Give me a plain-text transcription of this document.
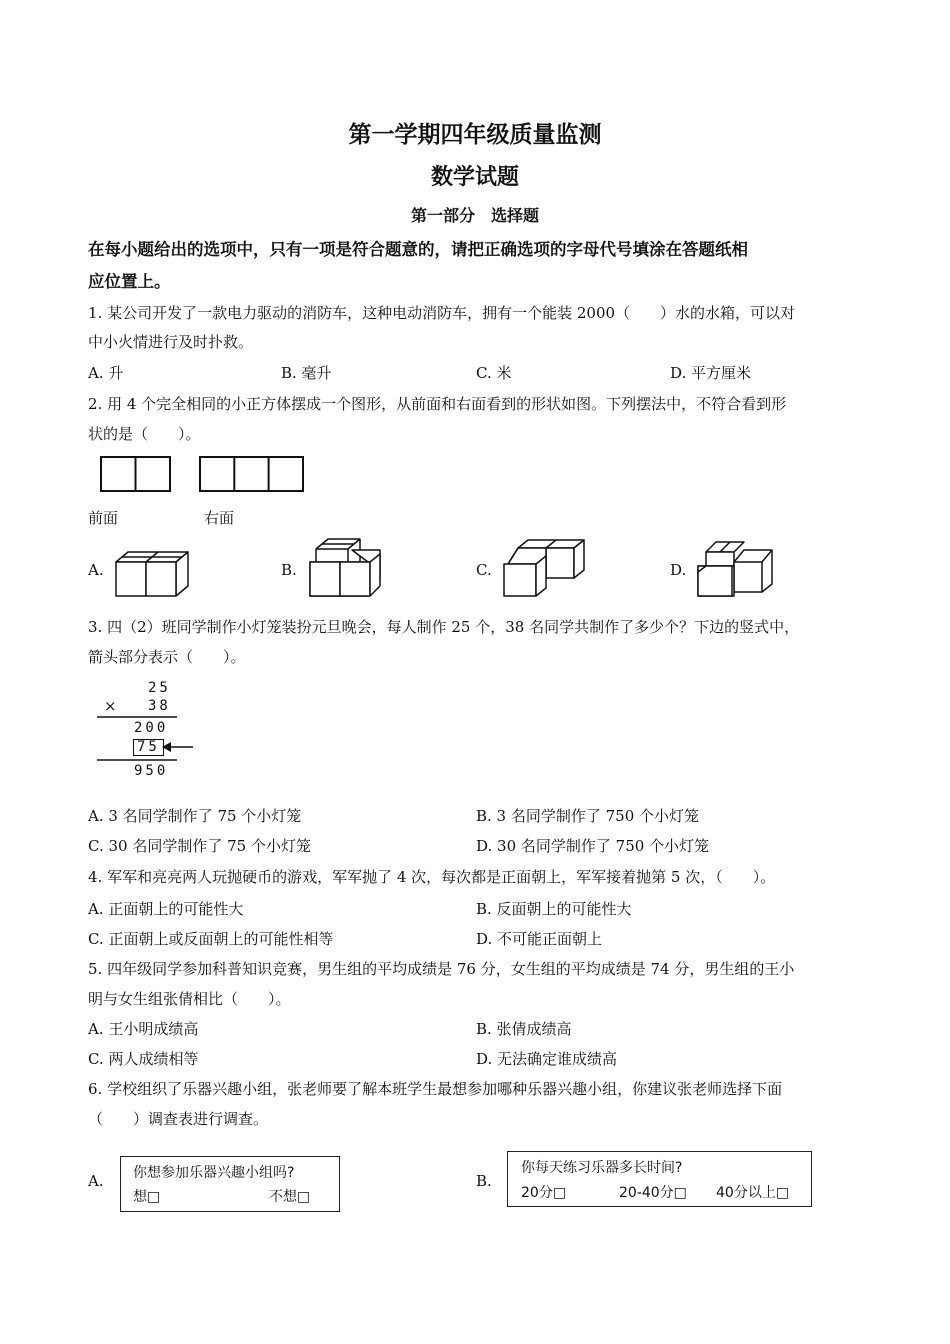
第一学期四年级质量监测
数学试题
第一部分　选择题
在每小题给出的选项中，只有一项是符合题意的，请把正确选项的字母代号填涂在答题纸相
应位置上。
1. 某公司开发了一款电力驱动的消防车，这种电动消防车，拥有一个能装 2000（　　）水的水箱，可以对
中小火情进行及时扑救。
A. 升	B. 毫升	C. 米	D. 平方厘米
2. 用 4 个完全相同的小正方体摆成一个图形，从前面和右面看到的形状如图。下列摆法中，不符合看到形
状的是（　　）。
前面	右面
A.	B.	C.	D.
3. 四（2）班同学制作小灯笼装扮元旦晚会，每人制作 25 个，38 名同学共制作了多少个？下边的竖式中，
箭头部分表示（　　）。
25
× 38
200
75
950
A. 3 名同学制作了 75 个小灯笼	B. 3 名同学制作了 750 个小灯笼
C. 30 名同学制作了 75 个小灯笼	D. 30 名同学制作了 750 个小灯笼
4. 军军和亮亮两人玩抛硬币的游戏，军军抛了 4 次，每次都是正面朝上，军军接着抛第 5 次，（　　）。
A. 正面朝上的可能性大	B. 反面朝上的可能性大
C. 正面朝上或反面朝上的可能性相等	D. 不可能正面朝上
5. 四年级同学参加科普知识竞赛，男生组的平均成绩是 76 分，女生组的平均成绩是 74 分，男生组的王小
明与女生组张倩相比（　　）。
A. 王小明成绩高	B. 张倩成绩高
C. 两人成绩相等	D. 无法确定谁成绩高
6. 学校组织了乐器兴趣小组，张老师要了解本班学生最想参加哪种乐器兴趣小组，你建议张老师选择下面
（　　）调查表进行调查。
A. 你想参加乐器兴趣小组吗?
想□	不想□
B.
你每天练习乐器多长时间?
20分□	20-40分□ 40分以上□
